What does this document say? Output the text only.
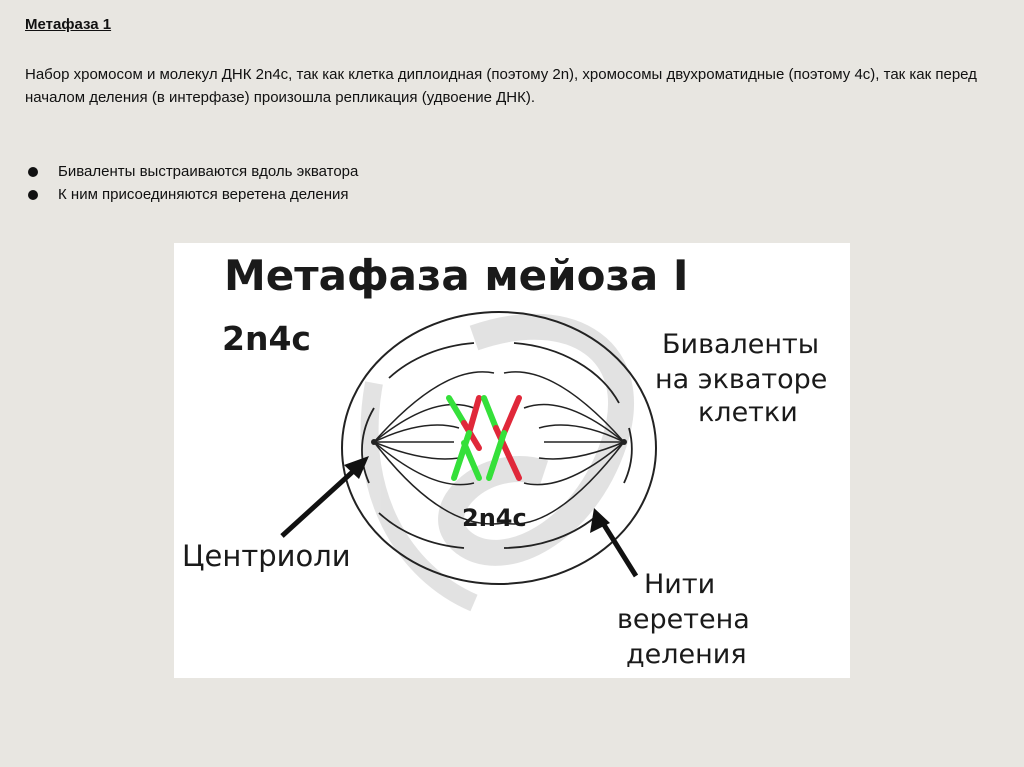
Метафаза 1
Набор хромосом и молекул ДНК 2n4c, так как клетка диплоидная (поэтому 2n), хромосомы двухроматидные (поэтому 4c), так как перед началом деления (в интерфазе) произошла репликация (удвоение ДНК).
Биваленты выстраиваются вдоль экватора
К ним присоединяются веретена деления
Метафаза мейоза I
2n4c
2n4c
Биваленты
на экваторе
клетки
Центриоли
Нити
веретена
деления
